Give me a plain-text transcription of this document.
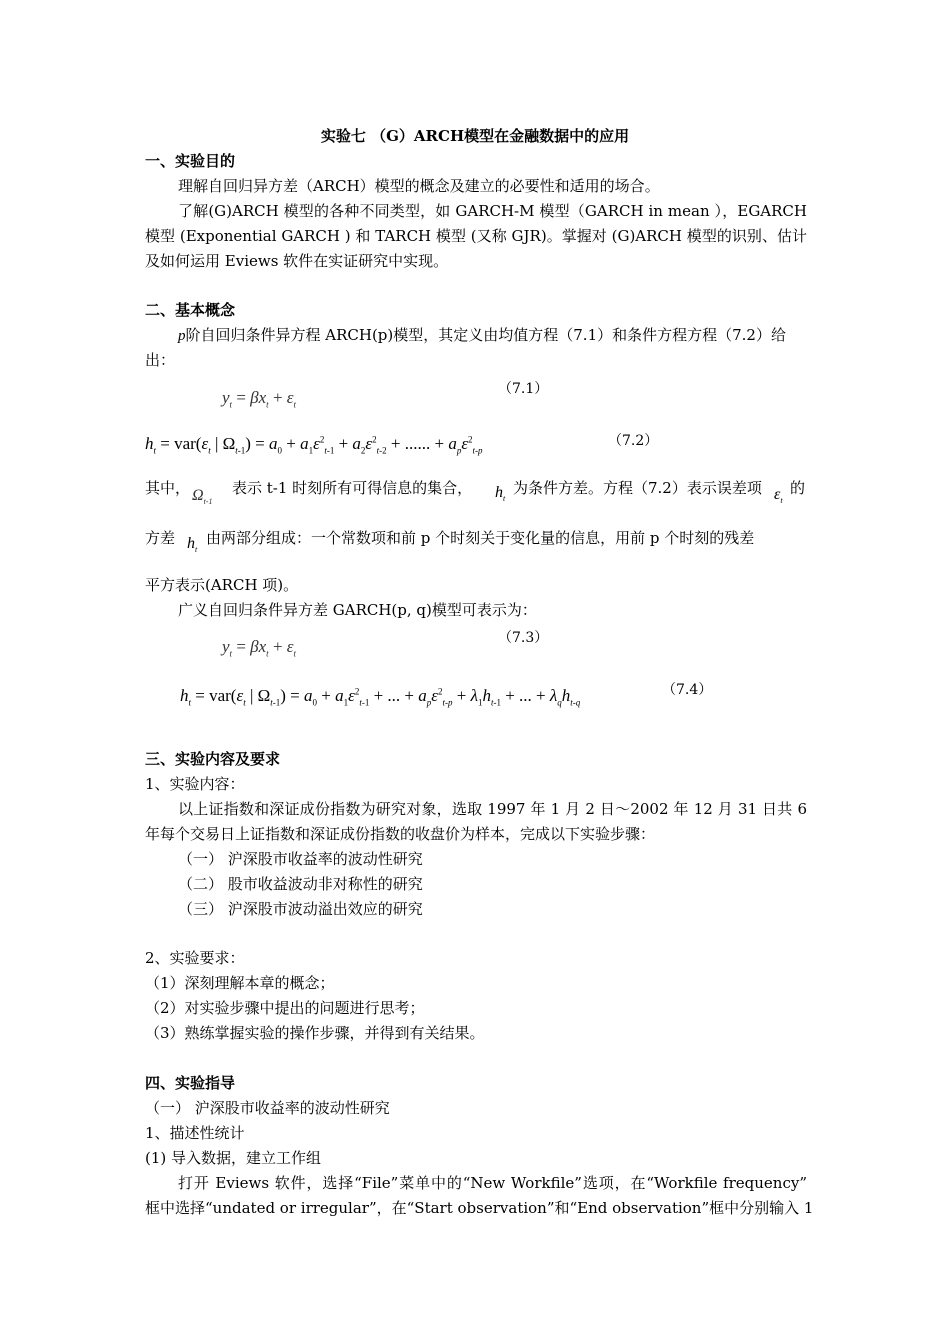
实验七 （G）ARCH模型在金融数据中的应用
一、实验目的
理解自回归异方差（ARCH）模型的概念及建立的必要性和适用的场合。
了解(G)ARCH 模型的各种不同类型，如 GARCH-M 模型（GARCH in mean ），EGARCH
模型 (Exponential GARCH ) 和 TARCH 模型 (又称 GJR)。掌握对 (G)ARCH 模型的识别、估计
及如何运用 Eviews 软件在实证研究中实现。
二、基本概念
p阶自回归条件异方程 ARCH(p)模型，其定义由均值方程（7.1）和条件方程方程（7.2）给
出：
$y_t = \beta x_t + \varepsilon_t$
（7.1）
$h_t = var(\varepsilon_t$ | $\Omega_{t-1}) = a_0 + a_1\varepsilon^2_{t-1} + a_2\varepsilon^2_{t-2}$ + ...... + $a_p\varepsilon^2_{t-p}$
（7.2）
其中， $\Omega_{t-1}$
表示 t-1 时刻所有可得信息的集合， $h_t$
为条件方差。方程（7.2）表示误差项 $\varepsilon_t$
的
方差 $h_t$
由两部分组成：一个常数项和前 p 个时刻关于变化量的信息，用前 p 个时刻的残差
平方表示(ARCH 项)。
广义自回归条件异方差 GARCH(p, q)模型可表示为：
$y_t = \beta x_t + \varepsilon_t$
（7.3）
$h_t = var(\varepsilon_t$ | $\Omega_{t-1}) = a_0 + a_1\varepsilon^2_{t-1}$ + ... + $a_p\varepsilon^2_{t-p} + \lambda_1h_{t-1}$ + ... + $\lambda_qh_{t-q}$
（7.4）
三、实验内容及要求
1、实验内容：
以上证指数和深证成份指数为研究对象，选取 1997 年 1 月 2 日～2002 年 12 月 31 日共 6
年每个交易日上证指数和深证成份指数的收盘价为样本，完成以下实验步骤：
（一） 沪深股市收益率的波动性研究
（二） 股市收益波动非对称性的研究
（三） 沪深股市波动溢出效应的研究
2、实验要求：
（1）深刻理解本章的概念；
（2）对实验步骤中提出的问题进行思考；
（3）熟练掌握实验的操作步骤，并得到有关结果。
四、实验指导
（一） 沪深股市收益率的波动性研究
1、描述性统计
(1) 导入数据，建立工作组
打开 Eviews 软件，选择“File”菜单中的“New Workfile”选项，在“Workfile frequency”
框中选择“undated or irregular”，在“Start observation”和“End observation”框中分别输入 1
